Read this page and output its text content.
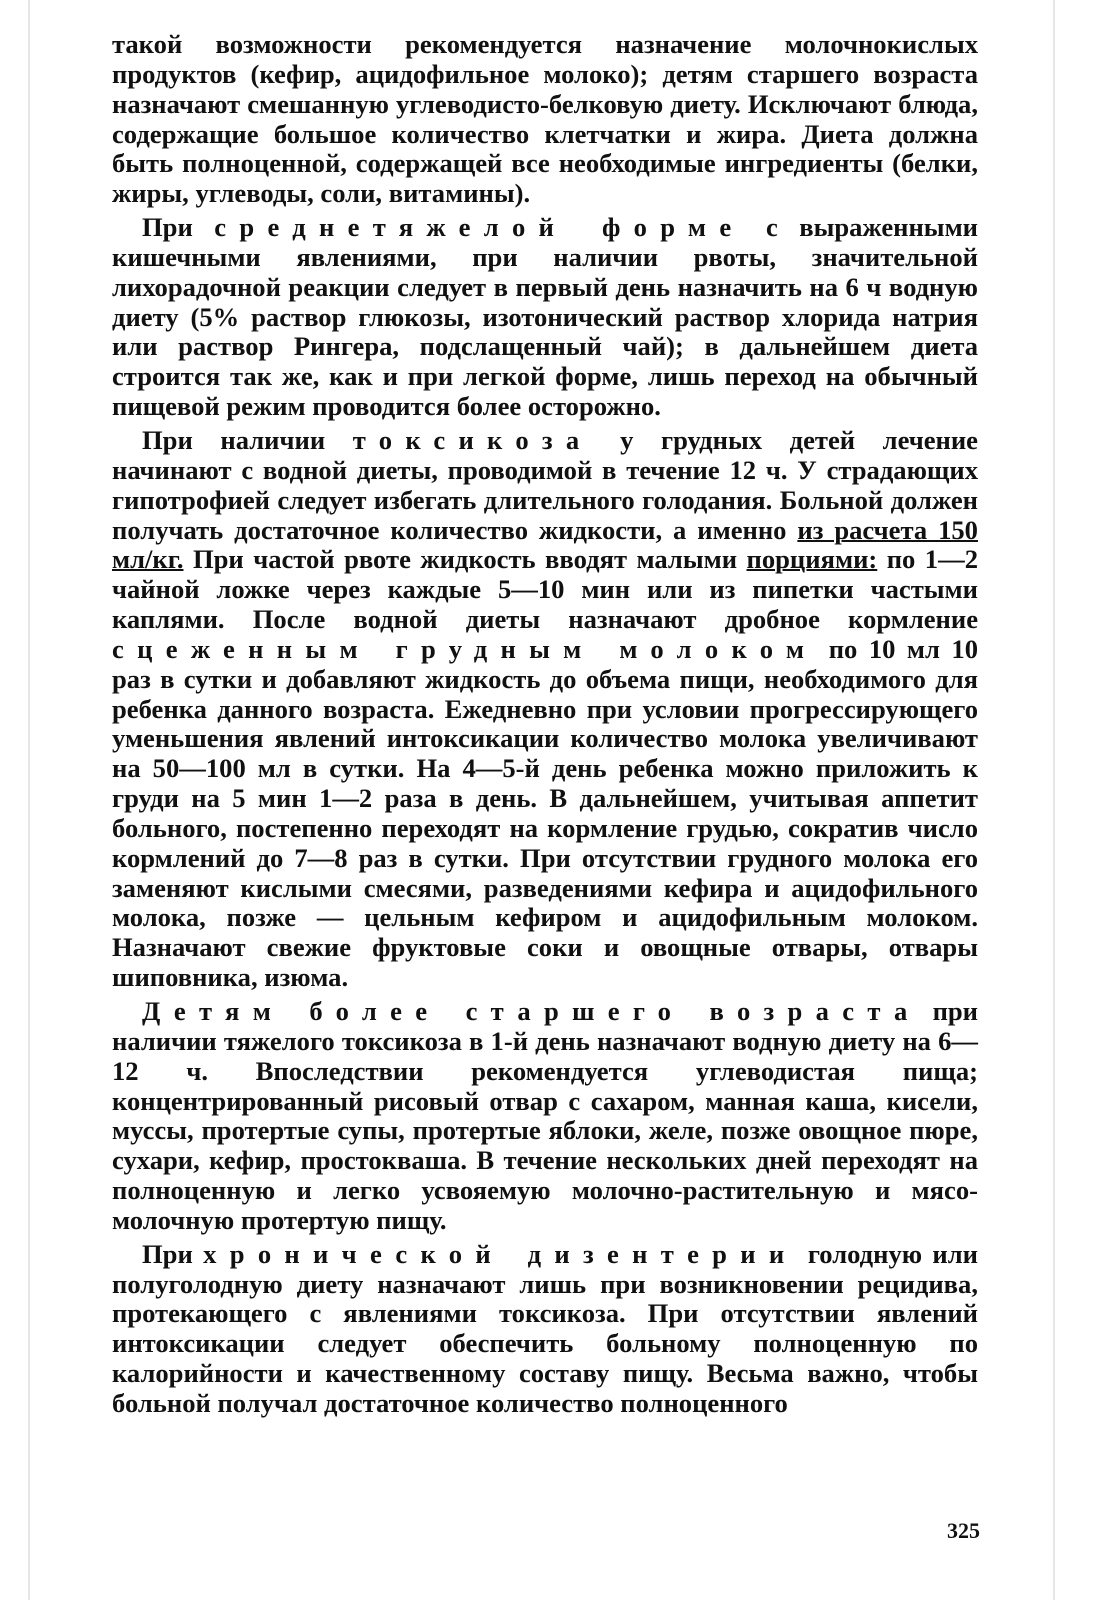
такой возможности рекомендуется назначение молочнокислых продуктов (кефир, ацидофильное молоко); детям старшего возраста назначают смешанную углеводисто-белковую диету. Исключают блюда, содержащие большое количество клетчатки и жира. Диета должна быть полноценной, содержащей все необходимые ингредиенты (белки, жиры, углеводы, соли, витамины).

При среднетяжелой форме с выраженными кишечными явлениями, при наличии рвоты, значительной лихорадочной реакции следует в первый день назначить на 6 ч водную диету (5% раствор глюкозы, изотонический раствор хлорида натрия или раствор Рингера, подслащенный чай); в дальнейшем диета строится так же, как и при легкой форме, лишь переход на обычный пищевой режим проводится более осторожно.

При наличии токсикоза у грудных детей лечение начинают с водной диеты, проводимой в течение 12 ч. У страдающих гипотрофией следует избегать длительного голодания. Больной должен получать достаточное количество жидкости, а именно из расчета 150 мл/кг. При частой рвоте жидкость вводят малыми порциями: по 1—2 чайной ложке через каждые 5—10 мин или из пипетки частыми каплями. После водной диеты назначают дробное кормление сцеженным грудным молоком по 10 мл 10 раз в сутки и добавляют жидкость до объема пищи, необходимого для ребенка данного возраста. Ежедневно при условии прогрессирующего уменьшения явлений интоксикации количество молока увеличивают на 50—100 мл в сутки. На 4—5-й день ребенка можно приложить к груди на 5 мин 1—2 раза в день. В дальнейшем, учитывая аппетит больного, постепенно переходят на кормление грудью, сократив число кормлений до 7—8 раз в сутки. При отсутствии грудного молока его заменяют кислыми смесями, разведениями кефира и ацидофильного молока, позже — цельным кефиром и ацидофильным молоком. Назначают свежие фруктовые соки и овощные отвары, отвары шиповника, изюма.

Детям более старшего возраста при наличии тяжелого токсикоза в 1-й день назначают водную диету на 6—12 ч. Впоследствии рекомендуется углеводистая пища; концентрированный рисовый отвар с сахаром, манная каша, кисели, муссы, протертые супы, протертые яблоки, желе, позже овощное пюре, сухари, кефир, простокваша. В течение нескольких дней переходят на полноценную и легко усвояемую молочно-растительную и мясо-молочную протертую пищу.

При хронической дизентерии голодную или полуголодную диету назначают лишь при возникновении рецидива, протекающего с явлениями токсикоза. При отсутствии явлений интоксикации следует обеспечить больному полноценную по калорийности и качественному составу пищу. Весьма важно, чтобы больной получал достаточное количество полноценного

325
